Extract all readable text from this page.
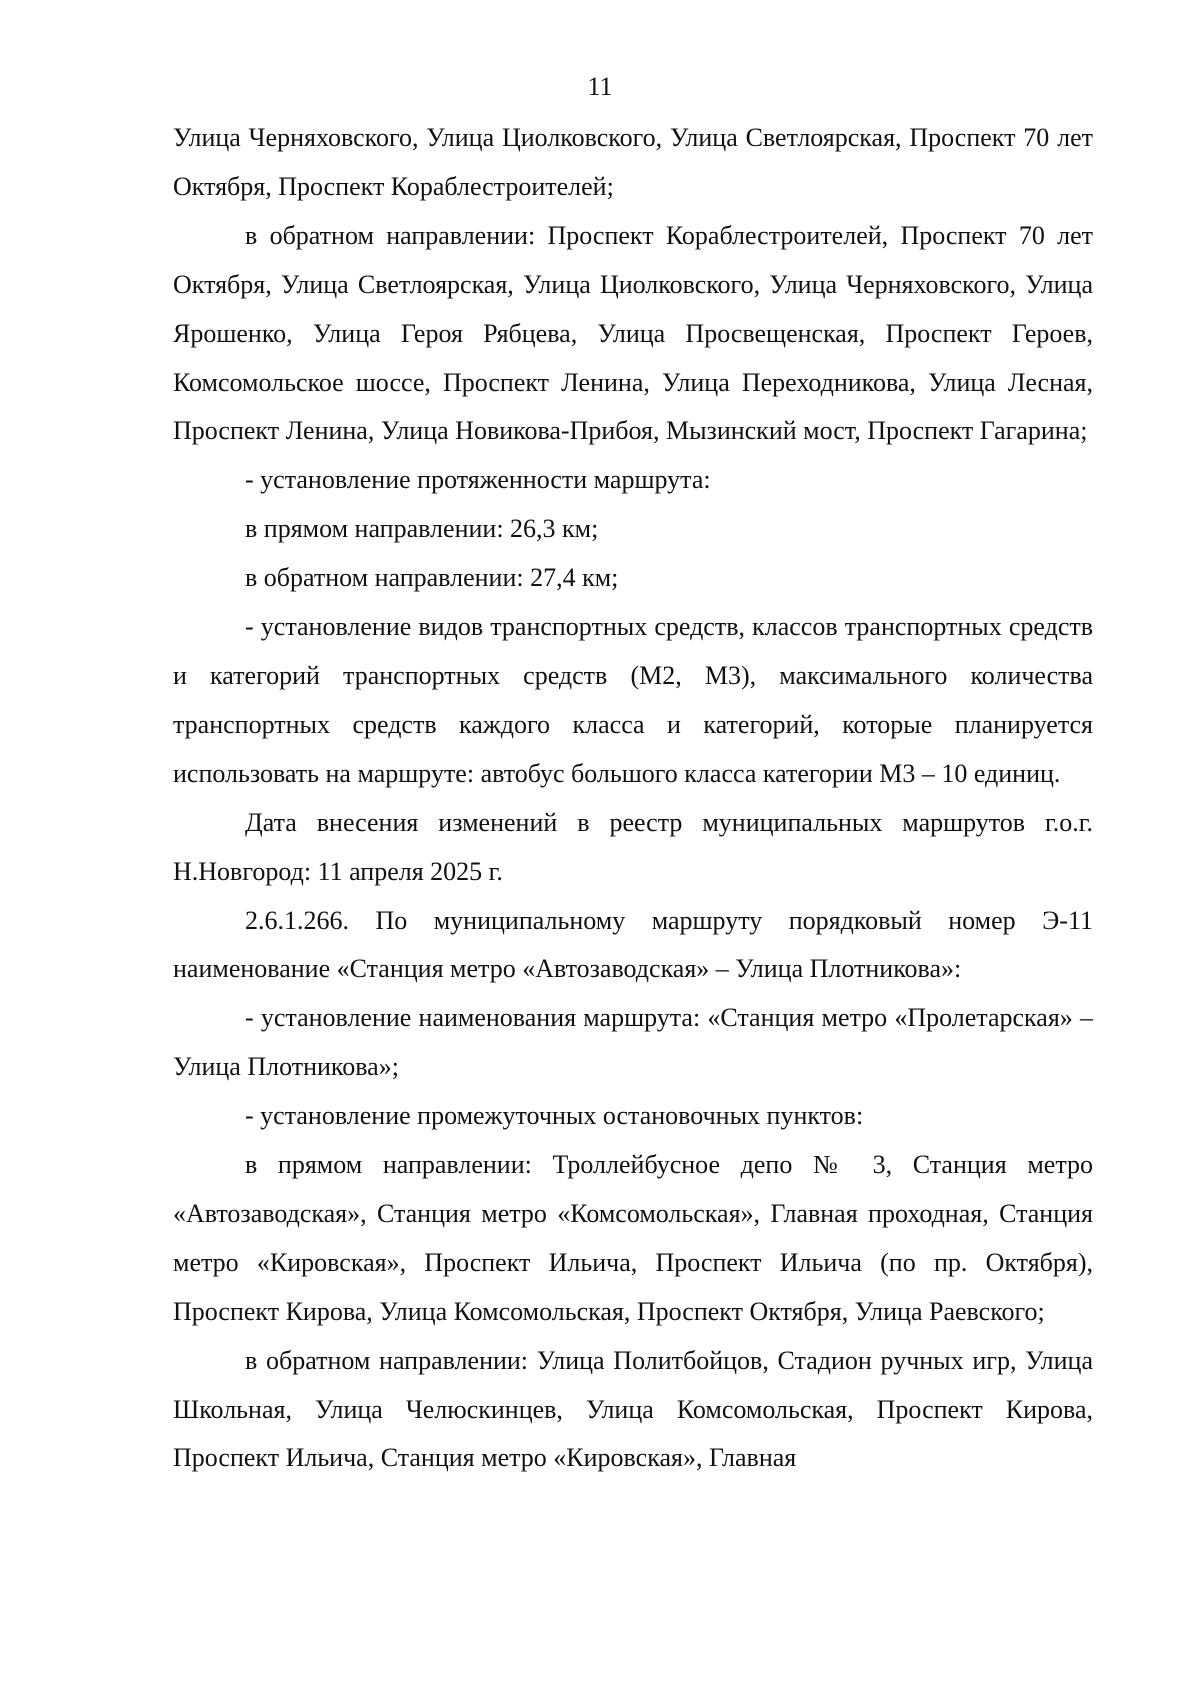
11

Улица Черняховского, Улица Циолковского, Улица Светлоярская, Проспект 70 лет Октября, Проспект Кораблестроителей;

в обратном направлении: Проспект Кораблестроителей, Проспект 70 лет Октября, Улица Светлоярская, Улица Циолковского, Улица Черняховского, Улица Ярошенко, Улица Героя Рябцева, Улица Просвещенская, Проспект Героев, Комсомольское шоссе, Проспект Ленина, Улица Переходникова, Улица Лесная, Проспект Ленина, Улица Новикова-Прибоя, Мызинский мост, Проспект Гагарина;

- установление протяженности маршрута:

в прямом направлении: 26,3 км;

в обратном направлении: 27,4 км;

- установление видов транспортных средств, классов транспортных средств и категорий транспортных средств (М2, М3), максимального количества транспортных средств каждого класса и категорий, которые планируется использовать на маршруте: автобус большого класса категории М3 – 10 единиц.

Дата внесения изменений в реестр муниципальных маршрутов г.о.г. Н.Новгород: 11 апреля 2025 г.

2.6.1.266. По муниципальному маршруту порядковый номер Э-11 наименование «Станция метро «Автозаводская» – Улица Плотникова»:

- установление наименования маршрута: «Станция метро «Пролетарская» – Улица Плотникова»;

- установление промежуточных остановочных пунктов:

в прямом направлении: Троллейбусное депо № 3, Станция метро «Автозаводская», Станция метро «Комсомольская», Главная проходная, Станция метро «Кировская», Проспект Ильича, Проспект Ильича (по пр. Октября), Проспект Кирова, Улица Комсомольская, Проспект Октября, Улица Раевского;

в обратном направлении: Улица Политбойцов, Стадион ручных игр, Улица Школьная, Улица Челюскинцев, Улица Комсомольская, Проспект Кирова, Проспект Ильича, Станция метро «Кировская», Главная
